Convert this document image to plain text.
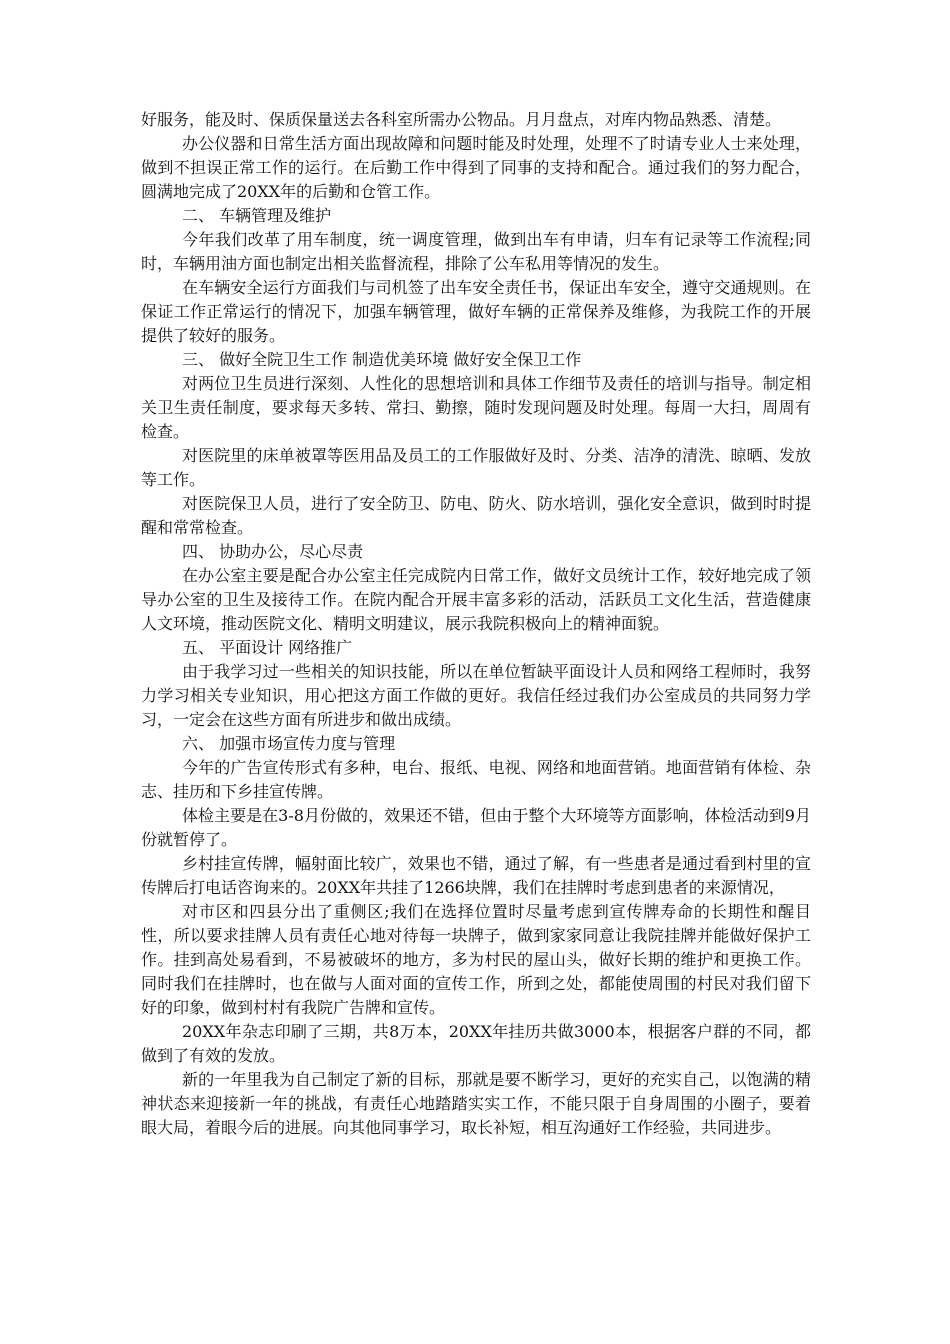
好服务，能及时、保质保量送去各科室所需办公物品。月月盘点，对库内物品熟悉、清楚。

办公仪器和日常生活方面出现故障和问题时能及时处理，处理不了时请专业人士来处理，做到不担误正常工作的运行。在后勤工作中得到了同事的支持和配合。通过我们的努力配合，圆满地完成了20XX年的后勤和仓管工作。

二、 车辆管理及维护

今年我们改革了用车制度，统一调度管理，做到出车有申请，归车有记录等工作流程;同时，车辆用油方面也制定出相关监督流程，排除了公车私用等情况的发生。

在车辆安全运行方面我们与司机签了出车安全责任书，保证出车安全，遵守交通规则。在保证工作正常运行的情况下，加强车辆管理，做好车辆的正常保养及维修，为我院工作的开展提供了较好的服务。

三、 做好全院卫生工作 制造优美环境 做好安全保卫工作

对两位卫生员进行深刻、人性化的思想培训和具体工作细节及责任的培训与指导。制定相关卫生责任制度，要求每天多转、常扫、勤擦，随时发现问题及时处理。每周一大扫，周周有检查。

对医院里的床单被罩等医用品及员工的工作服做好及时、分类、洁净的清洗、晾晒、发放等工作。

对医院保卫人员，进行了安全防卫、防电、防火、防水培训，强化安全意识，做到时时提醒和常常检查。

四、 协助办公，尽心尽责

在办公室主要是配合办公室主任完成院内日常工作，做好文员统计工作，较好地完成了领导办公室的卫生及接待工作。在院内配合开展丰富多彩的活动，活跃员工文化生活，营造健康人文环境，推动医院文化、精明文明建议，展示我院积极向上的精神面貌。

五、 平面设计 网络推广

由于我学习过一些相关的知识技能，所以在单位暂缺平面设计人员和网络工程师时，我努力学习相关专业知识，用心把这方面工作做的更好。我信任经过我们办公室成员的共同努力学习，一定会在这些方面有所进步和做出成绩。

六、 加强市场宣传力度与管理

今年的广告宣传形式有多种，电台、报纸、电视、网络和地面营销。地面营销有体检、杂志、挂历和下乡挂宣传牌。

体检主要是在3-8月份做的，效果还不错，但由于整个大环境等方面影响，体检活动到9月份就暂停了。

乡村挂宣传牌，幅射面比较广，效果也不错，通过了解，有一些患者是通过看到村里的宣传牌后打电话咨询来的。20XX年共挂了1266块牌，我们在挂牌时考虑到患者的来源情况，

对市区和四县分出了重侧区;我们在选择位置时尽量考虑到宣传牌寿命的长期性和醒目性，所以要求挂牌人员有责任心地对待每一块牌子，做到家家同意让我院挂牌并能做好保护工作。挂到高处易看到，不易被破坏的地方，多为村民的屋山头，做好长期的维护和更换工作。同时我们在挂牌时，也在做与人面对面的宣传工作，所到之处，都能使周围的村民对我们留下好的印象，做到村村有我院广告牌和宣传。

20XX年杂志印刷了三期，共8万本，20XX年挂历共做3000本，根据客户群的不同，都做到了有效的发放。

新的一年里我为自己制定了新的目标，那就是要不断学习，更好的充实自己，以饱满的精神状态来迎接新一年的挑战，有责任心地踏踏实实工作，不能只限于自身周围的小圈子，要着眼大局，着眼今后的进展。向其他同事学习，取长补短，相互沟通好工作经验，共同进步。
